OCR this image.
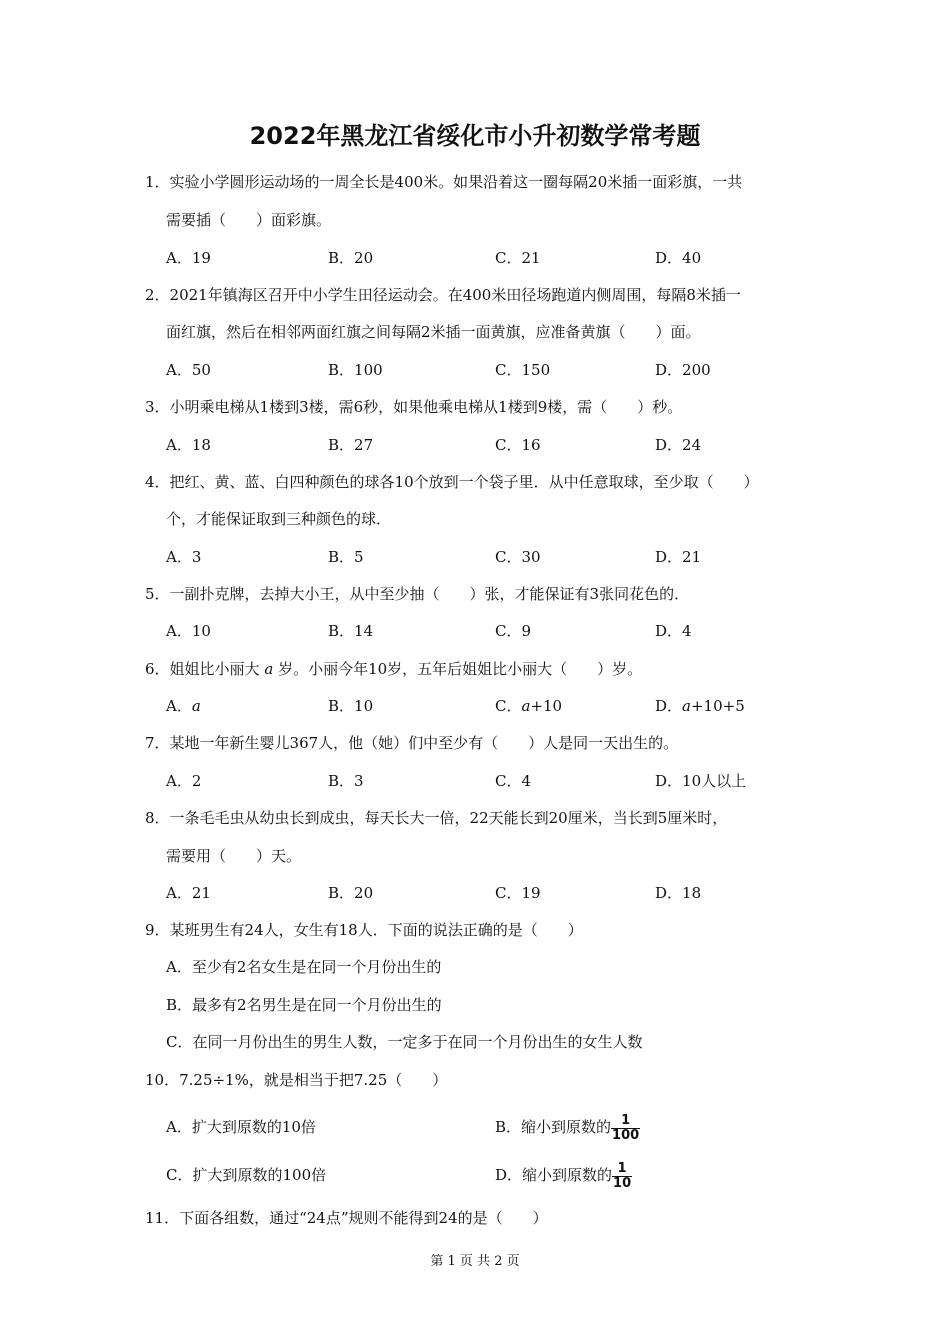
2022年黑龙江省绥化市小升初数学常考题
1．实验小学圆形运动场的一周全长是400米。如果沿着这一圈每隔20米插一面彩旗，一共
需要插（　　）面彩旗。
A．19	B．20	C．21	D．40
2．2021年镇海区召开中小学生田径运动会。在400米田径场跑道内侧周围，每隔8米插一
面红旗，然后在相邻两面红旗之间每隔2米插一面黄旗，应准备黄旗（　　）面。
A．50	B．100	C．150	D．200
3．小明乘电梯从1楼到3楼，需6秒，如果他乘电梯从1楼到9楼，需（　　）秒。
A．18	B．27	C．16	D．24
4．把红、黄、蓝、白四种颜色的球各10个放到一个袋子里．从中任意取球，至少取（　　）
个，才能保证取到三种颜色的球．
A．3	B．5	C．30	D．21
5．一副扑克牌，去掉大小王，从中至少抽（　　）张，才能保证有3张同花色的．
A．10	B．14	C．9	D．4
6．姐姐比小丽大 a 岁。小丽今年10岁，五年后姐姐比小丽大（　　）岁。
A．a	B．10	C．a+10	D．a+10+5
7．某地一年新生婴儿367人，他（她）们中至少有（　　）人是同一天出生的。
A．2	B．3	C．4	D．10人以上
8．一条毛毛虫从幼虫长到成虫，每天长大一倍，22天能长到20厘米，当长到5厘米时，
需要用（　　）天。
A．21	B．20	C．19	D．18
9．某班男生有24人，女生有18人．下面的说法正确的是（　　）
A．至少有2名女生是在同一个月份出生的
B．最多有2名男生是在同一个月份出生的
C．在同一月份出生的男生人数，一定多于在同一个月份出生的女生人数
10．7.25÷1%，就是相当于把7.25（　　）
A．扩大到原数的10倍	B．缩小到原数的 $\frac{1}{100}$
C．扩大到原数的100倍	D．缩小到原数的 $\frac{1}{10}$
11．下面各组数，通过“24点”规则不能得到24的是（　　）
第 1 页 共 2 页
